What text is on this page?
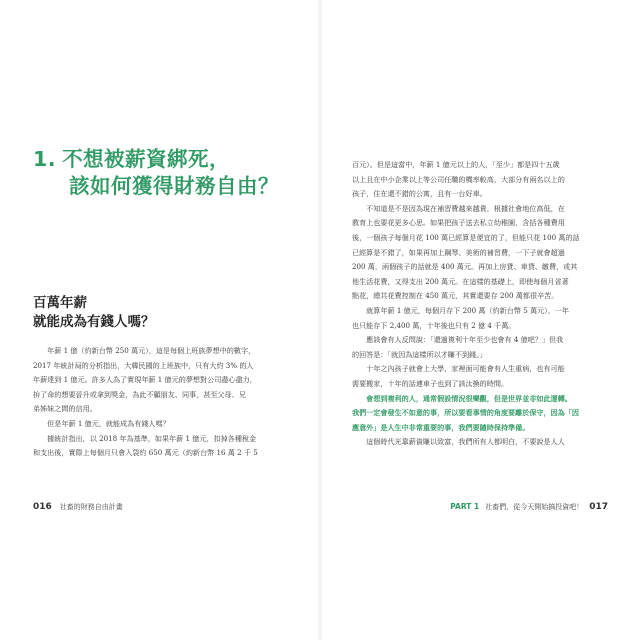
1. 不想被薪資綁死，
該如何獲得財務自由？
百萬年薪
就能成為有錢人嗎？

　　年薪 1 億（約新台幣 250 萬元），這是每個上班族夢想中的數字，
2017 年統計局的分析指出，大韓民國的上班族中，只有大約 3% 的人
年薪達到 1 億元。許多人為了實現年薪 1 億元的夢想對公司盡心盡力，
拚了命的想要晉升或拿到獎金，為此不顧朋友、同事，甚至父母、兄
弟姊妹之間的信用。

　　但是年薪 1 億元，就能成為有錢人嗎？

　　據統計指出，以 2018 年為基準，如果年薪 1 億元，扣掉各種稅金
和支出後，實際上每個月只會入袋約 650 萬元（約新台幣 16 萬 2 千 5

016 社畜的財務自由計畫

百元）。但是這當中，年薪 1 億元以上的人，「至少」都是四十五歲
以上且在中小企業以上等公司任職的機率較高，大部分有兩名以上的
孩子，住在還不錯的公寓，且有一台好車。

　　不知道是不是因為現在補習費越來越貴，根據社會地位高低，在
教育上也要花更多心思。如果把孩子送去私立幼稚園，含括各種費用
後，一個孩子每個月花 100 萬已經算是便宜的了，但能只花 100 萬的話
已經算是不錯了，如果再加上鋼琴、美術的補習費，一下子就會超過
200 萬，兩個孩子的話就是 400 萬元。再加上房貸、車貸、繳費，或其
他生活花費，又得支出 200 萬元。在這樣的基礎上，即使每個月省著
點花，總共花費控制在 450 萬元，其實還要存 200 萬都很辛苦。

　　就算年薪 1 億元，每個月存下 200 萬（約新台幣 5 萬元），一年
也只能存下 2,400 萬，十年後也只有 2 億 4 千萬。

　　應該會有人反問說：「還過複利十年至少也會有 4 億吧？」但我
的回答是：「就因為這樣所以才賺不到錢。」

　　十年之內孩子就會上大學，家裡面可能會有人生重病，也有可能
需要搬家，十年的話連車子也到了該汰換的時間。

　　會想到複利的人，通常假設情況很樂觀，但是世界並非如此運轉。
我們一定會發生不如意的事，所以要看事情的角度要離於保守，因為「因
應意外」是人生中非常重要的事，我們要隨時保持準備。

　　這個時代光靠薪資賺以致富，我們所有人都明白，不要說是人人

PART 1 社畜們，從今天開始搞投資吧！ 017
